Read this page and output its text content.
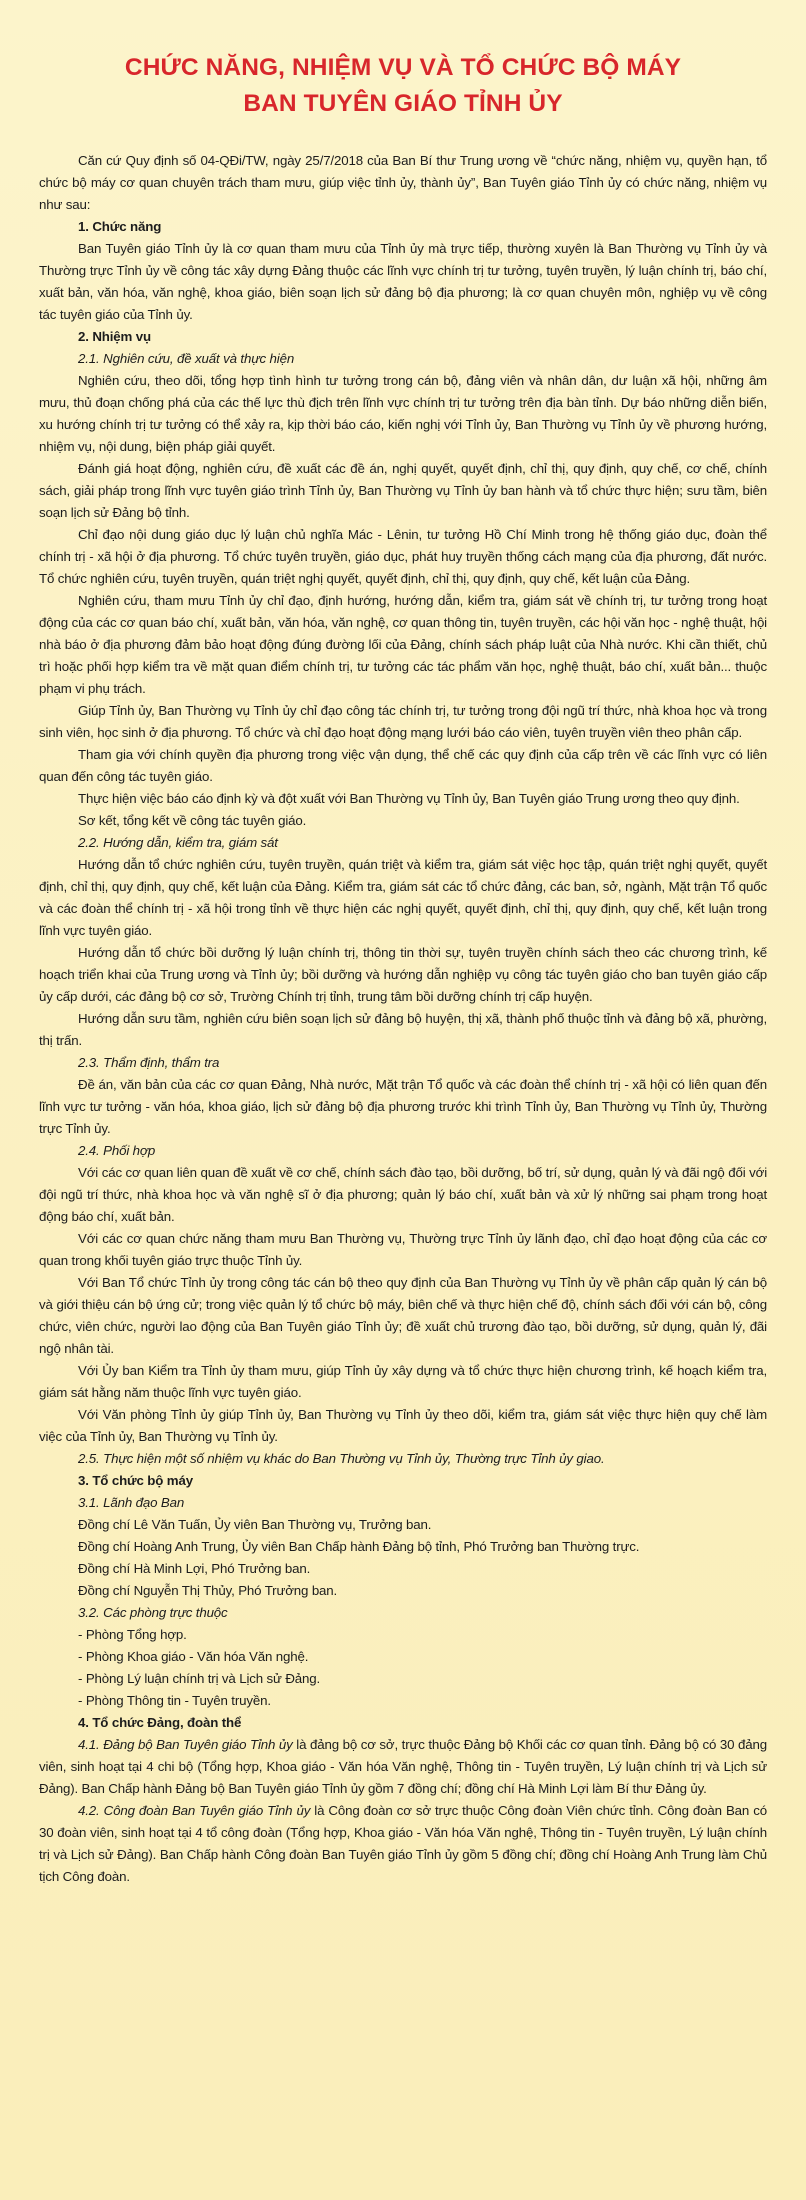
CHỨC NĂNG, NHIỆM VỤ VÀ TỔ CHỨC BỘ MÁY
BAN TUYÊN GIÁO TỈNH ỦY

Căn cứ Quy định số 04-QĐi/TW, ngày 25/7/2018 của Ban Bí thư Trung ương về “chức năng, nhiệm vụ, quyền hạn, tổ chức bộ máy cơ quan chuyên trách tham mưu, giúp việc tỉnh ủy, thành ủy”, Ban Tuyên giáo Tỉnh ủy có chức năng, nhiệm vụ như sau:

1. Chức năng

Ban Tuyên giáo Tỉnh ủy là cơ quan tham mưu của Tỉnh ủy mà trực tiếp, thường xuyên là Ban Thường vụ Tỉnh ủy và Thường trực Tỉnh ủy về công tác xây dựng Đảng thuộc các lĩnh vực chính trị tư tưởng, tuyên truyền, lý luận chính trị, báo chí, xuất bản, văn hóa, văn nghệ, khoa giáo, biên soạn lịch sử đảng bộ địa phương; là cơ quan chuyên môn, nghiệp vụ về công tác tuyên giáo của Tỉnh ủy.

2. Nhiệm vụ

2.1. Nghiên cứu, đề xuất và thực hiện

Nghiên cứu, theo dõi, tổng hợp tình hình tư tưởng trong cán bộ, đảng viên và nhân dân, dư luận xã hội, những âm mưu, thủ đoạn chống phá của các thế lực thù địch trên lĩnh vực chính trị tư tưởng trên địa bàn tỉnh. Dự báo những diễn biến, xu hướng chính trị tư tưởng có thể xảy ra, kịp thời báo cáo, kiến nghị với Tỉnh ủy, Ban Thường vụ Tỉnh ủy về phương hướng, nhiệm vụ, nội dung, biện pháp giải quyết.

Đánh giá hoạt động, nghiên cứu, đề xuất các đề án, nghị quyết, quyết định, chỉ thị, quy định, quy chế, cơ chế, chính sách, giải pháp trong lĩnh vực tuyên giáo trình Tỉnh ủy, Ban Thường vụ Tỉnh ủy ban hành và tổ chức thực hiện; sưu tầm, biên soạn lịch sử Đảng bộ tỉnh.

Chỉ đạo nội dung giáo dục lý luận chủ nghĩa Mác - Lênin, tư tưởng Hồ Chí Minh trong hệ thống giáo dục, đoàn thể chính trị - xã hội ở địa phương. Tổ chức tuyên truyền, giáo dục, phát huy truyền thống cách mạng của địa phương, đất nước. Tổ chức nghiên cứu, tuyên truyền, quán triệt nghị quyết, quyết định, chỉ thị, quy định, quy chế, kết luận của Đảng.

Nghiên cứu, tham mưu Tỉnh ủy chỉ đạo, định hướng, hướng dẫn, kiểm tra, giám sát về chính trị, tư tưởng trong hoạt động của các cơ quan báo chí, xuất bản, văn hóa, văn nghệ, cơ quan thông tin, tuyên truyền, các hội văn học - nghệ thuật, hội nhà báo ở địa phương đảm bảo hoạt động đúng đường lối của Đảng, chính sách pháp luật của Nhà nước. Khi cần thiết, chủ trì hoặc phối hợp kiểm tra về mặt quan điểm chính trị, tư tưởng các tác phẩm văn học, nghệ thuật, báo chí, xuất bản... thuộc phạm vi phụ trách.

Giúp Tỉnh ủy, Ban Thường vụ Tỉnh ủy chỉ đạo công tác chính trị, tư tưởng trong đội ngũ trí thức, nhà khoa học và trong sinh viên, học sinh ở địa phương. Tổ chức và chỉ đạo hoạt động mạng lưới báo cáo viên, tuyên truyền viên theo phân cấp.

Tham gia với chính quyền địa phương trong việc vận dụng, thể chế các quy định của cấp trên về các lĩnh vực có liên quan đến công tác tuyên giáo.

Thực hiện việc báo cáo định kỳ và đột xuất với Ban Thường vụ Tỉnh ủy, Ban Tuyên giáo Trung ương theo quy định.

Sơ kết, tổng kết về công tác tuyên giáo.

2.2. Hướng dẫn, kiểm tra, giám sát

Hướng dẫn tổ chức nghiên cứu, tuyên truyền, quán triệt và kiểm tra, giám sát việc học tập, quán triệt nghị quyết, quyết định, chỉ thị, quy định, quy chế, kết luận của Đảng. Kiểm tra, giám sát các tổ chức đảng, các ban, sở, ngành, Mặt trận Tổ quốc và các đoàn thể chính trị - xã hội trong tỉnh về thực hiện các nghị quyết, quyết định, chỉ thị, quy định, quy chế, kết luận trong lĩnh vực tuyên giáo.

Hướng dẫn tổ chức bồi dưỡng lý luận chính trị, thông tin thời sự, tuyên truyền chính sách theo các chương trình, kế hoạch triển khai của Trung ương và Tỉnh ủy; bồi dưỡng và hướng dẫn nghiệp vụ công tác tuyên giáo cho ban tuyên giáo cấp ủy cấp dưới, các đảng bộ cơ sở, Trường Chính trị tỉnh, trung tâm bồi dưỡng chính trị cấp huyện.

Hướng dẫn sưu tầm, nghiên cứu biên soạn lịch sử đảng bộ huyện, thị xã, thành phố thuộc tỉnh và đảng bộ xã, phường, thị trấn.

2.3. Thẩm định, thẩm tra

Đề án, văn bản của các cơ quan Đảng, Nhà nước, Mặt trận Tổ quốc và các đoàn thể chính trị - xã hội có liên quan đến lĩnh vực tư tưởng - văn hóa, khoa giáo, lịch sử đảng bộ địa phương trước khi trình Tỉnh ủy, Ban Thường vụ Tỉnh ủy, Thường trực Tỉnh ủy.

2.4. Phối hợp

Với các cơ quan liên quan đề xuất về cơ chế, chính sách đào tạo, bồi dưỡng, bố trí, sử dụng, quản lý và đãi ngộ đối với đội ngũ trí thức, nhà khoa học và văn nghệ sĩ ở địa phương; quản lý báo chí, xuất bản và xử lý những sai phạm trong hoạt động báo chí, xuất bản.

Với các cơ quan chức năng tham mưu Ban Thường vụ, Thường trực Tỉnh ủy lãnh đạo, chỉ đạo hoạt động của các cơ quan trong khối tuyên giáo trực thuộc Tỉnh ủy.

Với Ban Tổ chức Tỉnh ủy trong công tác cán bộ theo quy định của Ban Thường vụ Tỉnh ủy về phân cấp quản lý cán bộ và giới thiệu cán bộ ứng cử; trong việc quản lý tổ chức bộ máy, biên chế và thực hiện chế độ, chính sách đối với cán bộ, công chức, viên chức, người lao động của Ban Tuyên giáo Tỉnh ủy; đề xuất chủ trương đào tạo, bồi dưỡng, sử dụng, quản lý, đãi ngộ nhân tài.

Với Ủy ban Kiểm tra Tỉnh ủy tham mưu, giúp Tỉnh ủy xây dựng và tổ chức thực hiện chương trình, kế hoạch kiểm tra, giám sát hằng năm thuộc lĩnh vực tuyên giáo.

Với Văn phòng Tỉnh ủy giúp Tỉnh ủy, Ban Thường vụ Tỉnh ủy theo dõi, kiểm tra, giám sát việc thực hiện quy chế làm việc của Tỉnh ủy, Ban Thường vụ Tỉnh ủy.

2.5. Thực hiện một số nhiệm vụ khác do Ban Thường vụ Tỉnh ủy, Thường trực Tỉnh ủy giao.

3. Tổ chức bộ máy

3.1. Lãnh đạo Ban

Đồng chí Lê Văn Tuấn, Ủy viên Ban Thường vụ, Trưởng ban.

Đồng chí Hoàng Anh Trung, Ủy viên Ban Chấp hành Đảng bộ tỉnh, Phó Trưởng ban Thường trực.

Đồng chí Hà Minh Lợi, Phó Trưởng ban.

Đồng chí Nguyễn Thị Thủy, Phó Trưởng ban.

3.2. Các phòng trực thuộc

- Phòng Tổng hợp.

- Phòng Khoa giáo - Văn hóa Văn nghệ.

- Phòng Lý luận chính trị và Lịch sử Đảng.

- Phòng Thông tin - Tuyên truyền.

4. Tổ chức Đảng, đoàn thể

4.1. Đảng bộ Ban Tuyên giáo Tỉnh ủy là đảng bộ cơ sở, trực thuộc Đảng bộ Khối các cơ quan tỉnh. Đảng bộ có 30 đảng viên, sinh hoạt tại 4 chi bộ (Tổng hợp, Khoa giáo - Văn hóa Văn nghệ, Thông tin - Tuyên truyền, Lý luận chính trị và Lịch sử Đảng). Ban Chấp hành Đảng bộ Ban Tuyên giáo Tỉnh ủy gồm 7 đồng chí; đồng chí Hà Minh Lợi làm Bí thư Đảng ủy.

4.2. Công đoàn Ban Tuyên giáo Tỉnh ủy là Công đoàn cơ sở trực thuộc Công đoàn Viên chức tỉnh. Công đoàn Ban có 30 đoàn viên, sinh hoạt tại 4 tổ công đoàn (Tổng hợp, Khoa giáo - Văn hóa Văn nghệ, Thông tin - Tuyên truyền, Lý luận chính trị và Lịch sử Đảng). Ban Chấp hành Công đoàn Ban Tuyên giáo Tỉnh ủy gồm 5 đồng chí; đồng chí Hoàng Anh Trung làm Chủ tịch Công đoàn.
